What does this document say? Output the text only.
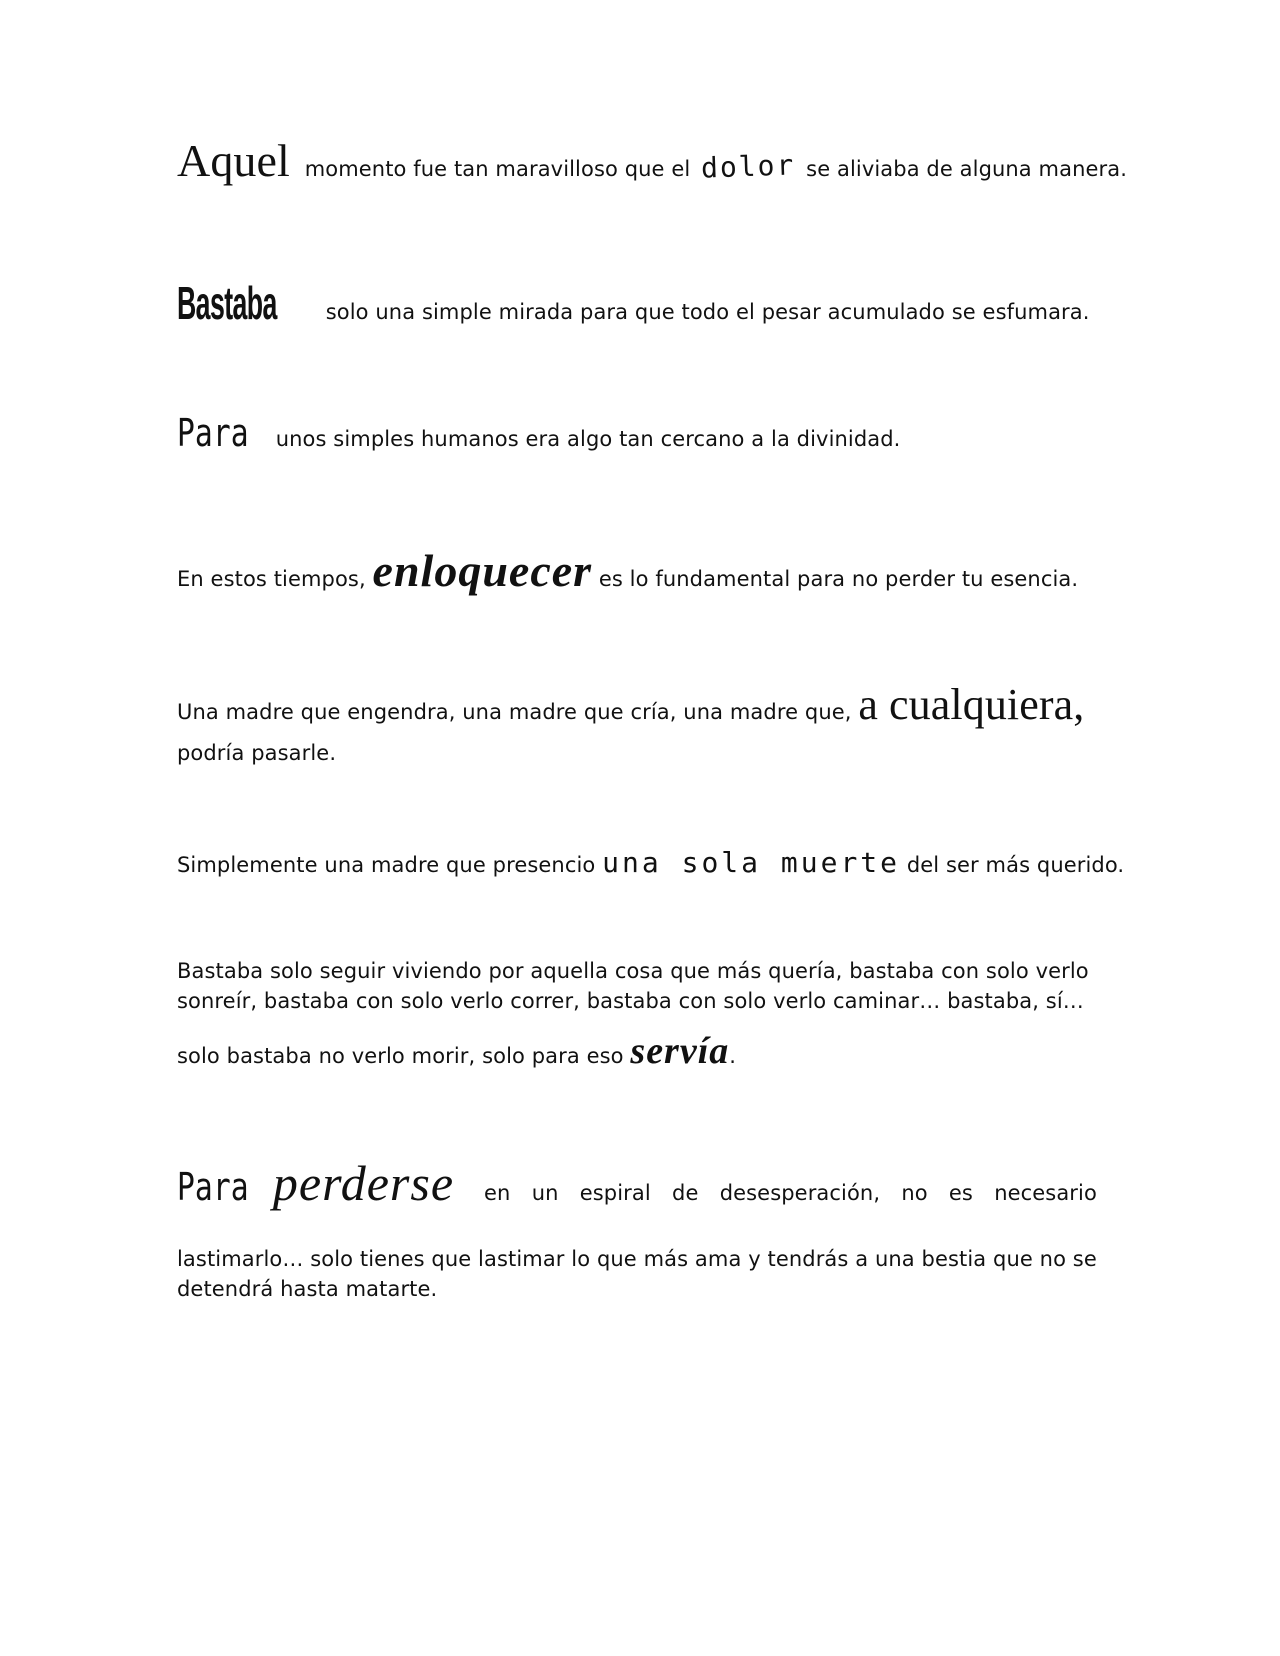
Aquel momento fue tan maravilloso que el dolor se aliviaba de alguna manera.
Bastaba solo una simple mirada para que todo el pesar acumulado se esfumara.
Para unos simples humanos era algo tan cercano a la divinidad.
En estos tiempos, enloquecer es lo fundamental para no perder tu esencia.
Una madre que engendra, una madre que cría, una madre que, a cualquiera,
podría pasarle.
Simplemente una madre que presencio una sola muerte del ser más querido.
Bastaba solo seguir viviendo por aquella cosa que más quería, bastaba con solo verlo
sonreír, bastaba con solo verlo correr, bastaba con solo verlo caminar… bastaba, sí…
solo bastaba no verlo morir, solo para eso servía.
Para perderse en un espiral de desesperación, no es necesario
lastimarlo… solo tienes que lastimar lo que más ama y tendrás a una bestia que no se
detendrá hasta matarte.
